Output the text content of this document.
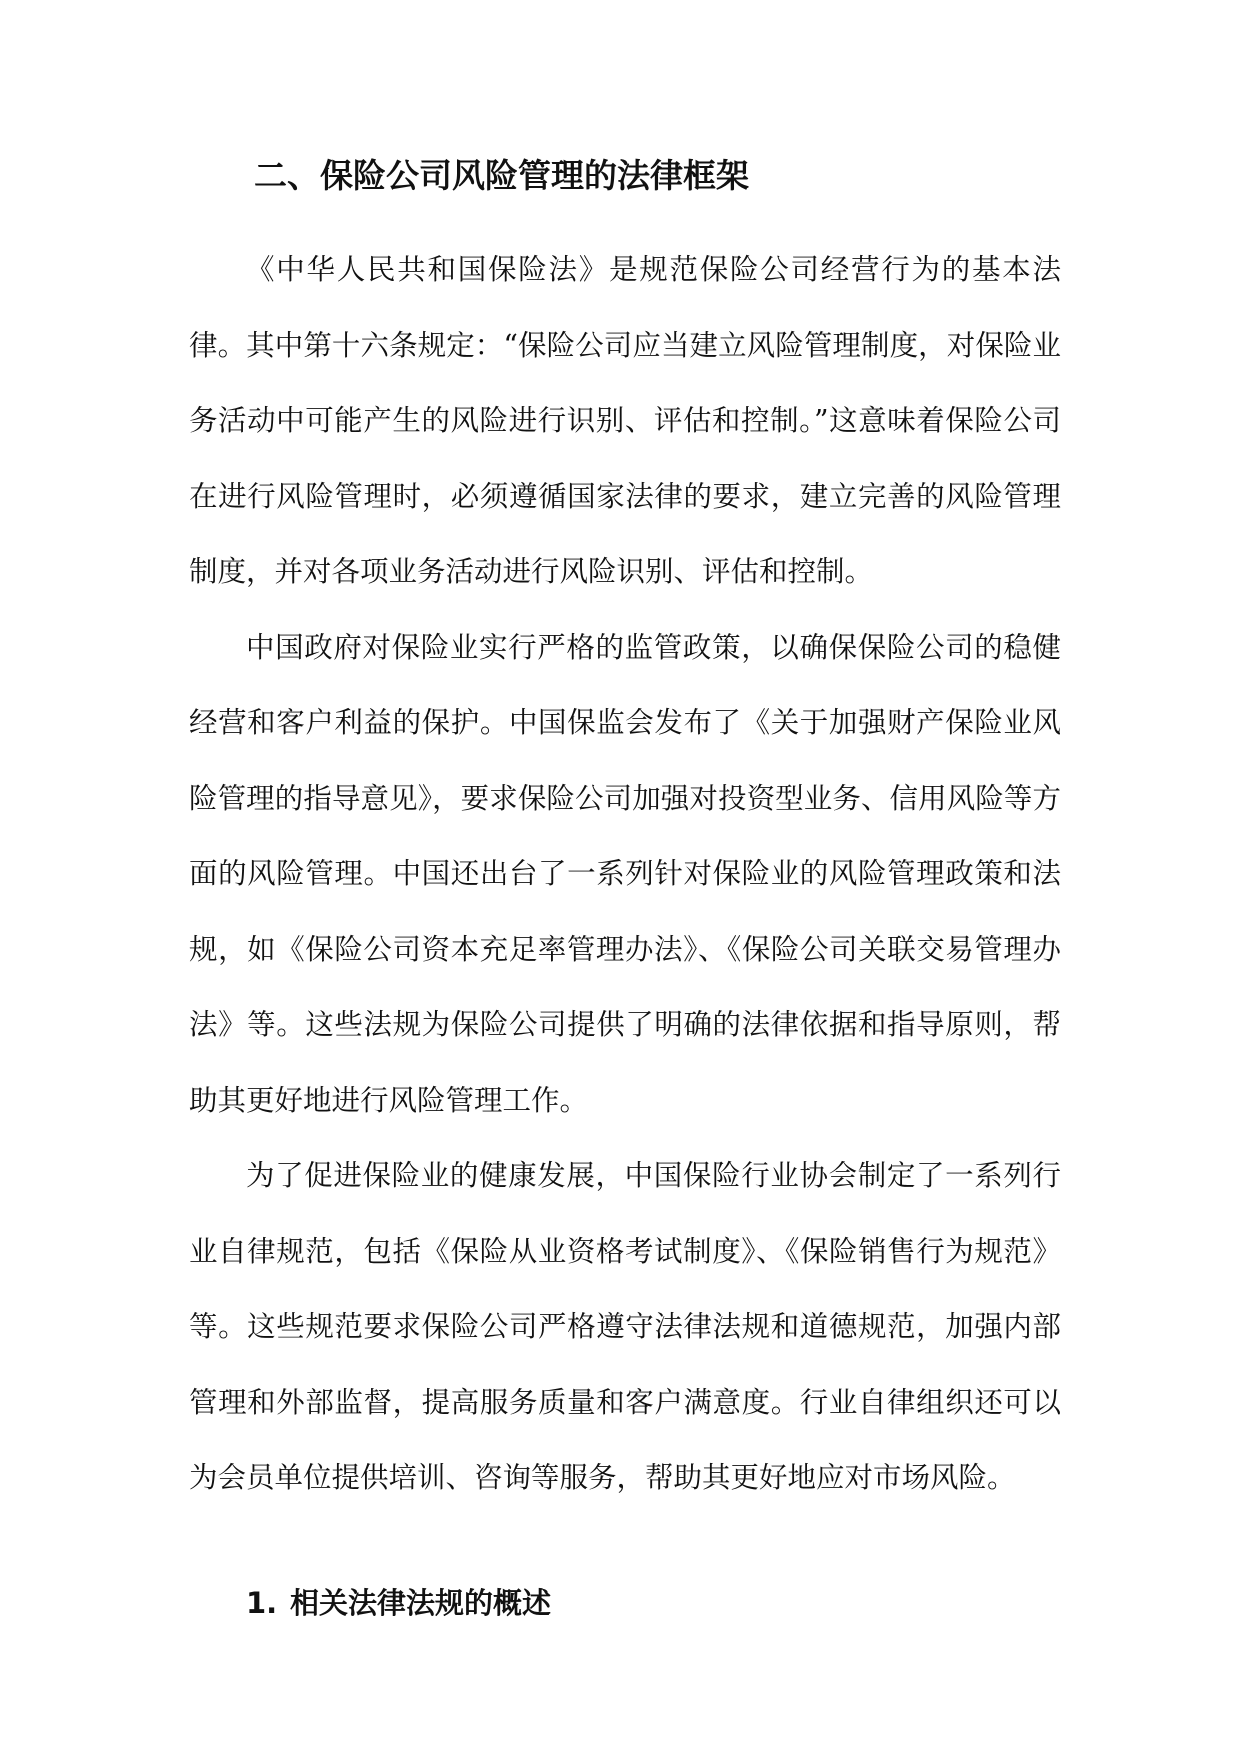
二、保险公司风险管理的法律框架

《中华人民共和国保险法》是规范保险公司经营行为的基本法律。其中第十六条规定：“保险公司应当建立风险管理制度，对保险业务活动中可能产生的风险进行识别、评估和控制。”这意味着保险公司在进行风险管理时，必须遵循国家法律的要求，建立完善的风险管理制度，并对各项业务活动进行风险识别、评估和控制。

中国政府对保险业实行严格的监管政策，以确保保险公司的稳健经营和客户利益的保护。中国保监会发布了《关于加强财产保险业风险管理的指导意见》，要求保险公司加强对投资型业务、信用风险等方面的风险管理。中国还出台了一系列针对保险业的风险管理政策和法规，如《保险公司资本充足率管理办法》、《保险公司关联交易管理办法》等。这些法规为保险公司提供了明确的法律依据和指导原则，帮助其更好地进行风险管理工作。

为了促进保险业的健康发展，中国保险行业协会制定了一系列行业自律规范，包括《保险从业资格考试制度》、《保险销售行为规范》等。这些规范要求保险公司严格遵守法律法规和道德规范，加强内部管理和外部监督，提高服务质量和客户满意度。行业自律组织还可以为会员单位提供培训、咨询等服务，帮助其更好地应对市场风险。

1. 相关法律法规的概述
